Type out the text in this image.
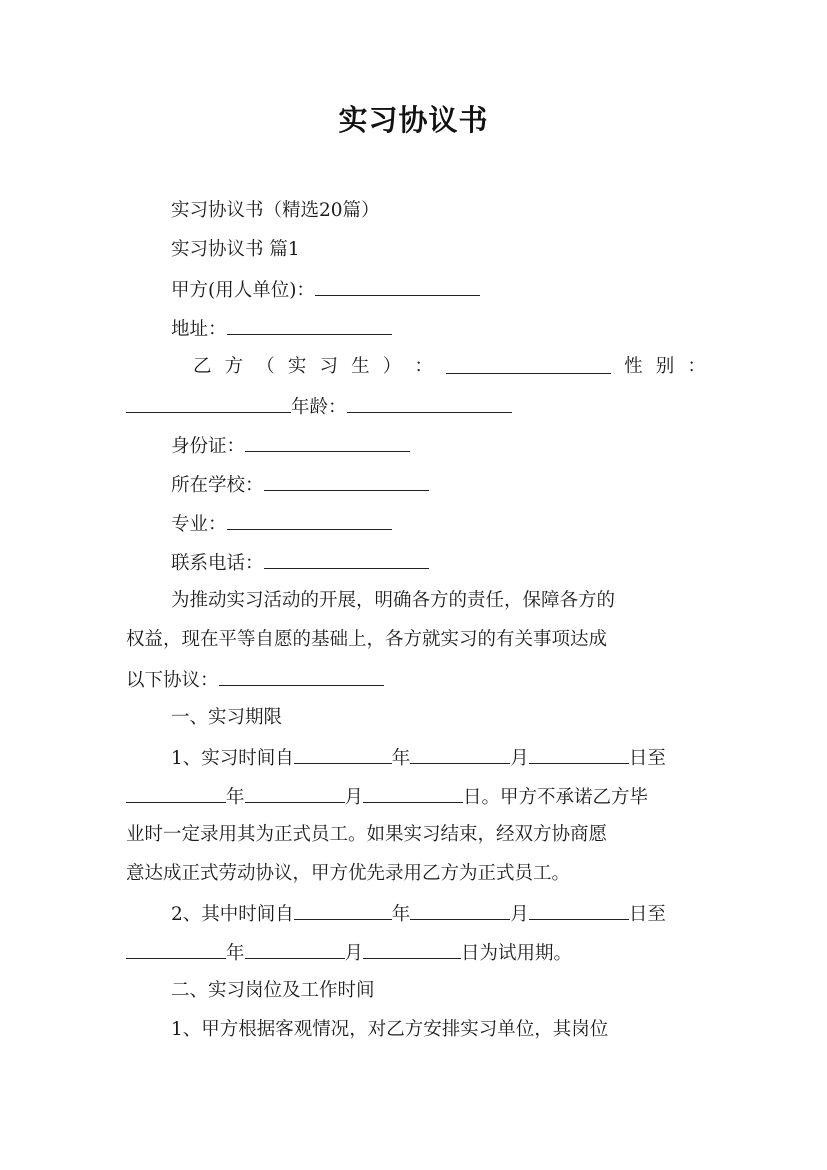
实习协议书
实习协议书（精选20篇）
实习协议书 篇1
甲方(用人单位)：
地址：
乙 方 （ 实 习 生 ） ：	性 别 ：
年龄：
身份证：
所在学校：
专业：
联系电话：
为推动实习活动的开展，明确各方的责任，保障各方的
权益，现在平等自愿的基础上，各方就实习的有关事项达成
以下协议：
一、实习期限
1、实习时间自	年	月	日至
年	月	日。甲方不承诺乙方毕
业时一定录用其为正式员工。如果实习结束，经双方协商愿
意达成正式劳动协议，甲方优先录用乙方为正式员工。
2、其中时间自	年	月	日至
年	月	日为试用期。
二、实习岗位及工作时间
1、甲方根据客观情况，对乙方安排实习单位，其岗位
